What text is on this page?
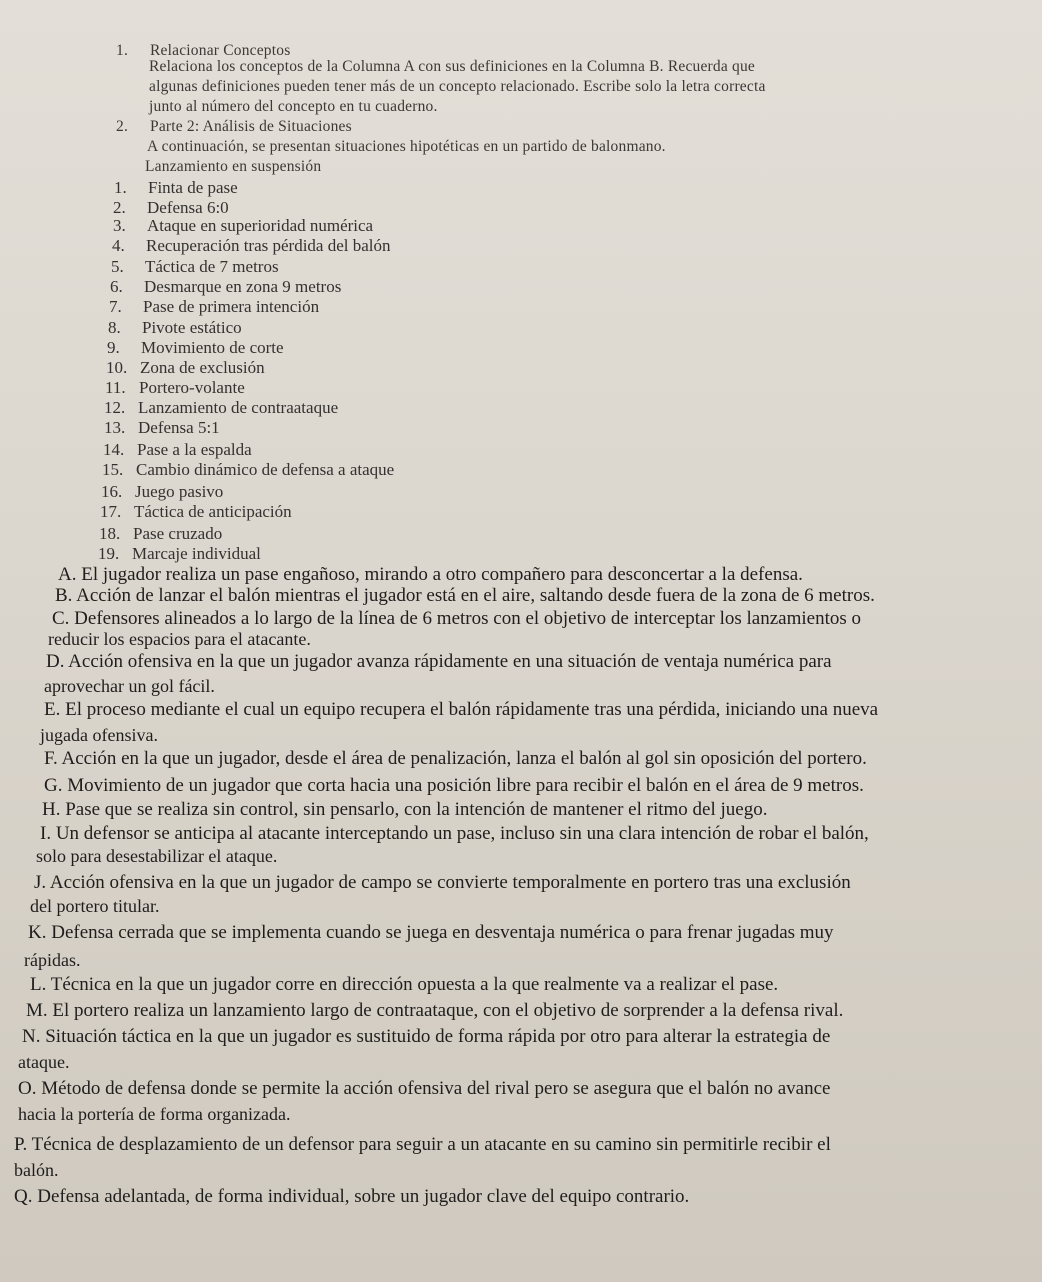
1. Relacionar Conceptos
Relaciona los conceptos de la Columna A con sus definiciones en la Columna B. Recuerda que
algunas definiciones pueden tener más de un concepto relacionado. Escribe solo la letra correcta
junto al número del concepto en tu cuaderno.
2. Parte 2: Análisis de Situaciones
A continuación, se presentan situaciones hipotéticas en un partido de balonmano.
Lanzamiento en suspensión
1. Finta de pase
2. Defensa 6:0
3. Ataque en superioridad numérica
4. Recuperación tras pérdida del balón
5. Táctica de 7 metros
6. Desmarque en zona 9 metros
7. Pase de primera intención
8. Pivote estático
9. Movimiento de corte
10. Zona de exclusión
11. Portero-volante
12. Lanzamiento de contraataque
13. Defensa 5:1
14. Pase a la espalda
15. Cambio dinámico de defensa a ataque
16. Juego pasivo
17. Táctica de anticipación
18. Pase cruzado
19. Marcaje individual
A. El jugador realiza un pase engañoso, mirando a otro compañero para desconcertar a la defensa.
B. Acción de lanzar el balón mientras el jugador está en el aire, saltando desde fuera de la zona de 6 metros.
C. Defensores alineados a lo largo de la línea de 6 metros con el objetivo de interceptar los lanzamientos o
reducir los espacios para el atacante.
D. Acción ofensiva en la que un jugador avanza rápidamente en una situación de ventaja numérica para
aprovechar un gol fácil.
E. El proceso mediante el cual un equipo recupera el balón rápidamente tras una pérdida, iniciando una nueva
jugada ofensiva.
F. Acción en la que un jugador, desde el área de penalización, lanza el balón al gol sin oposición del portero.
G. Movimiento de un jugador que corta hacia una posición libre para recibir el balón en el área de 9 metros.
H. Pase que se realiza sin control, sin pensarlo, con la intención de mantener el ritmo del juego.
I. Un defensor se anticipa al atacante interceptando un pase, incluso sin una clara intención de robar el balón,
solo para desestabilizar el ataque.
J. Acción ofensiva en la que un jugador de campo se convierte temporalmente en portero tras una exclusión
del portero titular.
K. Defensa cerrada que se implementa cuando se juega en desventaja numérica o para frenar jugadas muy
rápidas.
L. Técnica en la que un jugador corre en dirección opuesta a la que realmente va a realizar el pase.
M. El portero realiza un lanzamiento largo de contraataque, con el objetivo de sorprender a la defensa rival.
N. Situación táctica en la que un jugador es sustituido de forma rápida por otro para alterar la estrategia de
ataque.
O. Método de defensa donde se permite la acción ofensiva del rival pero se asegura que el balón no avance
hacia la portería de forma organizada.
P. Técnica de desplazamiento de un defensor para seguir a un atacante en su camino sin permitirle recibir el
balón.
Q. Defensa adelantada, de forma individual, sobre un jugador clave del equipo contrario.
